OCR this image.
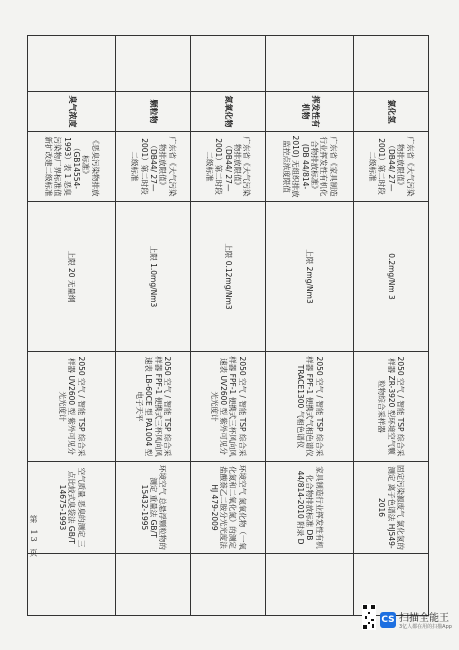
	氯化氢	广东省《大气污染物排放限值》（DB44/ 27—2001）第二时段二级标准	0.2mg/Nm 3	2050 空气 / 智能 TSP 综合采样器 ZR-3920 型环境空气颗粒物综合采样器	固定污染源废气 氯化氢的测定 离子色谱法 HJ549-2016	
	挥发性有机物	广东省《家具制造行业挥发性有机化合物排放标准》(DB 44/814-2010) 无组织排放监控点浓度限值	上限 2mg/Nm3	2050 空气 / 智能 TSP 综合采样器 FPF-1 便携式气相色谱仪 TRACE1300 气相色谱仪	家具制造行业挥发性有机化合物排放标准 DB 44/814-2010 附录 D	
	氮氧化物	广东省《大气污染物排放限值》（DB44/ 27—2001）第二时段二级标准	上限 0.12mg/Nm3	2050 空气 / 智能 TSP 综合采样器 FPF-1 便携式三杯风向风速表 UV2600 型 紫外可见分光光度计	环境空气 氮氧化物（一氧化氮和二氧化氮）的测定 盐酸萘乙二胺分光光度法 HJ 479-2009	
	颗粒物	广东省《大气污染物排放限值》（DB44/ 27—2001）第二时段二级标准	上限 1.0mg/Nm3	2050 空气 / 智能 TSP 综合采样器 FPF-1 便携式三杯风向风速表 LB-60CE 型 PA1004 型 电子天平	环境空气 总悬浮颗粒物的测定 重量法 GB/T 15432-1995	
	臭气浓度	《恶臭污染物排放标准》（GB14554-1993）表 1 恶臭污染物厂界标准值 新扩改建二级标准	上限 20 无量纲	2050 空气 / 智能 TSP 综合采样器 UV2600 型 紫外可见分光光度计	空气质量 恶臭的测定 三点比较式臭袋法 GB/T 14675-1993	
第 13 页
CS 扫描全能王
3亿人都在用的扫描App
